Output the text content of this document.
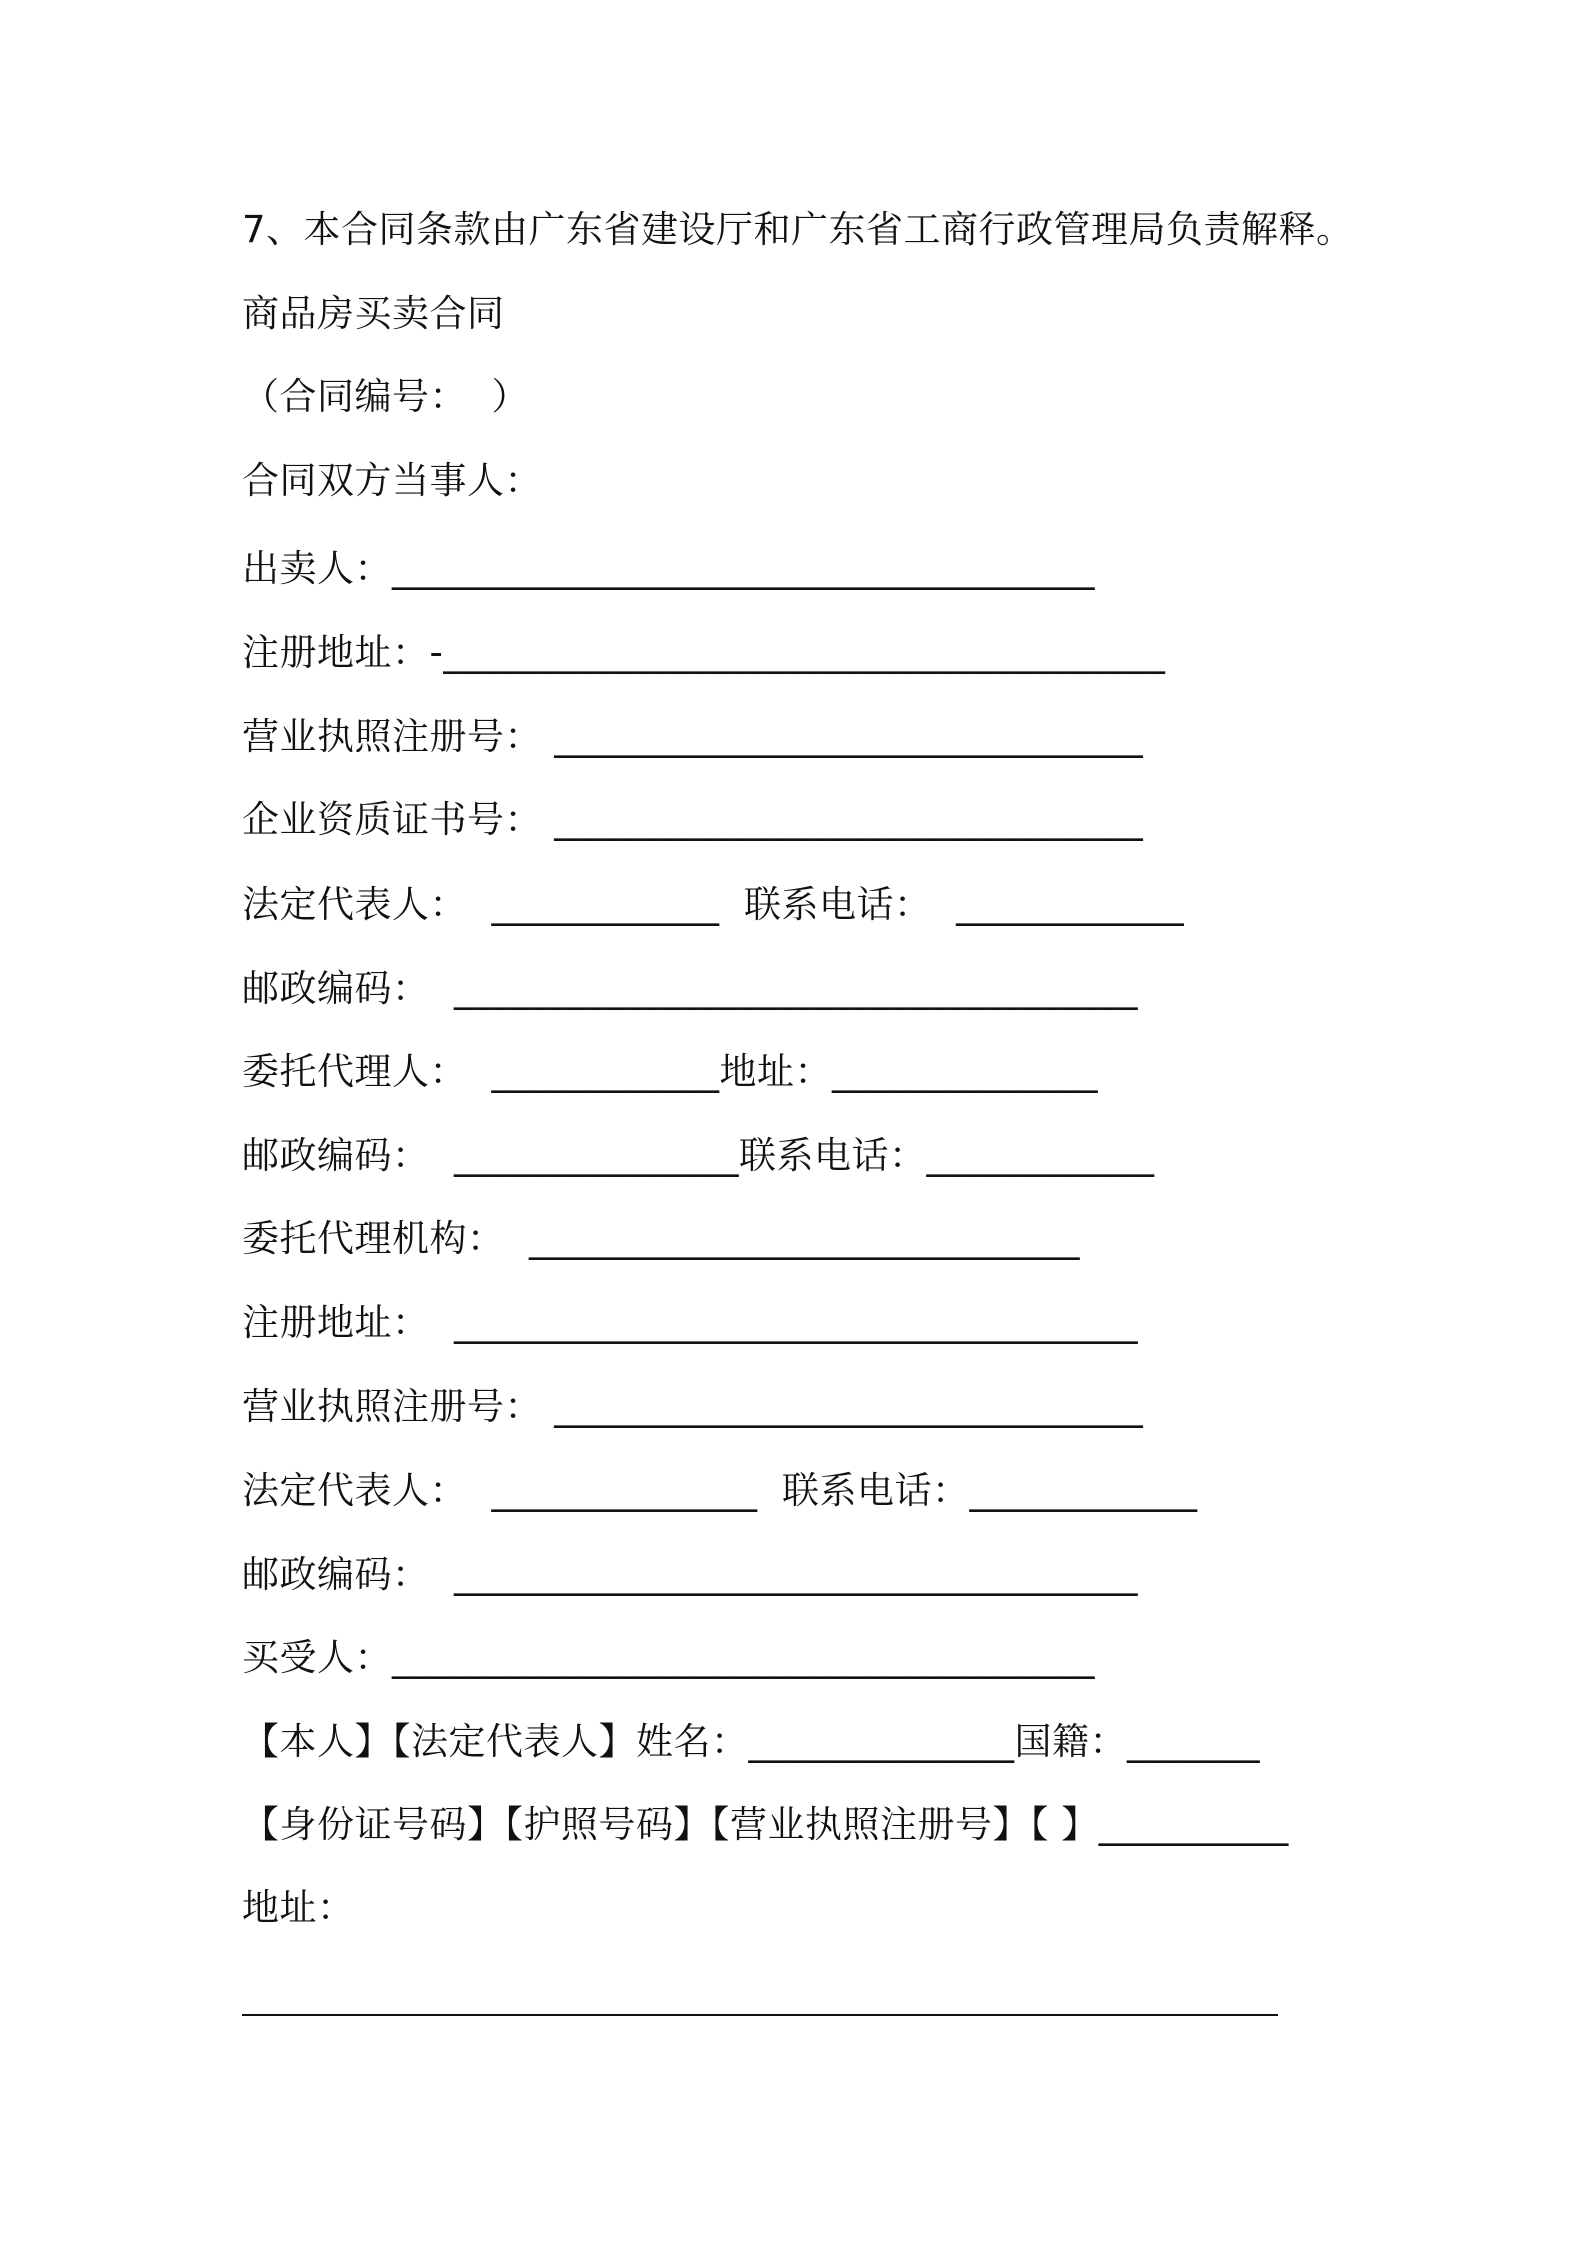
7、本合同条款由广东省建设厅和广东省工商行政管理局负责解释。
商品房买卖合同
（合同编号：  ）
合同双方当事人：
出卖人：_____________________________________
注册地址：-______________________________________
营业执照注册号： _______________________________
企业资质证书号： _______________________________
法定代表人：  ____________  联系电话：  ____________
邮政编码：  ____________________________________
委托代理人：  ____________地址：______________
邮政编码：  _______________联系电话：____________
委托代理机构：  _____________________________
注册地址：  ____________________________________
营业执照注册号： _______________________________
法定代表人：  ______________  联系电话：____________
邮政编码：  ____________________________________
买受人：_____________________________________
【本人】【法定代表人】姓名：______________国籍：_______
【身份证号码】【护照号码】【营业执照注册号】【 】__________
地址：
